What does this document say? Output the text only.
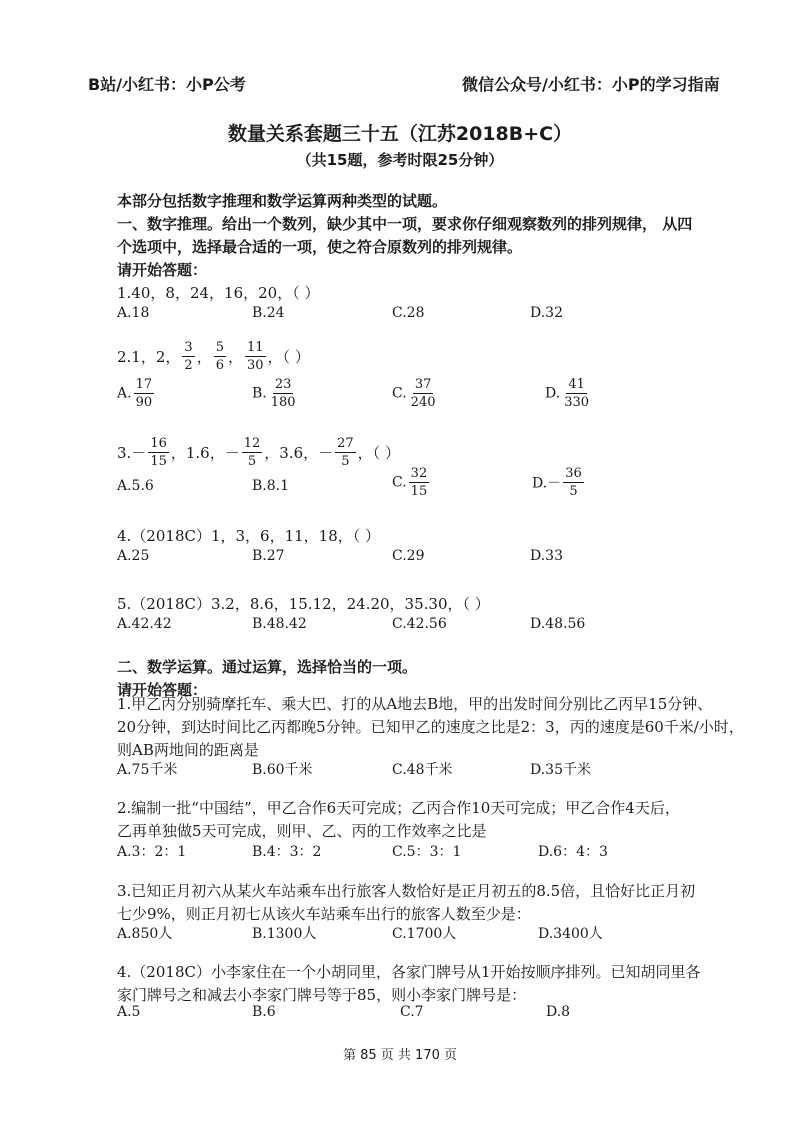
B站/小红书：小P公考	微信公众号/小红书：小P的学习指南
数量关系套题三十五（江苏2018B+C）
（共15题，参考时限25分钟）
本部分包括数字推理和数学运算两种类型的试题。
一、数字推理。给出一个数列，缺少其中一项，要求你仔细观察数列的排列规律， 从四
个选项中，选择最合适的一项，使之符合原数列的排列规律。
请开始答题：
1.40，8，24，16，20，（ ）
A.18	B.24	C.28	D.32
2.1，2， $\frac{3}{2}$ ， $\frac{5}{6}$ ， $\frac{11}{30}$ ，（ ）
A. $\frac{17}{90}$	B. $\frac{23}{180}$	C. $\frac{37}{240}$	D. $\frac{41}{330}$
$3.- \frac{16}{15}$ ，1.6，－ $\frac{12}{5}$ ，3.6，－ $\frac{27}{5}$ ，（ ）
A.5.6	B.8.1	C. $\frac{32}{15}$	$D.- \frac{36}{5}$
4.（2018C）1，3，6，11，18，（ ）
A.25	B.27	C.29	D.33
5.（2018C）3.2，8.6，15.12，24.20，35.30，（ ）
A.42.42	B.48.42	C.42.56	D.48.56
二、数学运算。通过运算，选择恰当的一项。
请开始答题：
1.甲乙丙分别骑摩托车、乘大巴、打的从A地去B地，甲的出发时间分别比乙丙早15分钟、
20分钟，到达时间比乙丙都晚5分钟。已知甲乙的速度之比是2：3，丙的速度是60千米/小时，
则AB两地间的距离是
A.75千米	B.60千米	C.48千米	D.35千米
2.编制一批“中国结”，甲乙合作6天可完成；乙丙合作10天可完成；甲乙合作4天后，
乙再单独做5天可完成，则甲、乙、丙的工作效率之比是
A.3：2：1	B.4：3：2	C.5：3：1	D.6：4：3
3.已知正月初六从某火车站乘车出行旅客人数恰好是正月初五的8.5倍，且恰好比正月初
七少9%，则正月初七从该火车站乘车出行的旅客人数至少是：
A.850人	B.1300人	C.1700人	D.3400人
4.（2018C）小李家住在一个小胡同里，各家门牌号从1开始按顺序排列。已知胡同里各
家门牌号之和减去小李家门牌号等于85，则小李家门牌号是：
A.5	B.6	C.7	D.8
第 85 页 共 170 页
